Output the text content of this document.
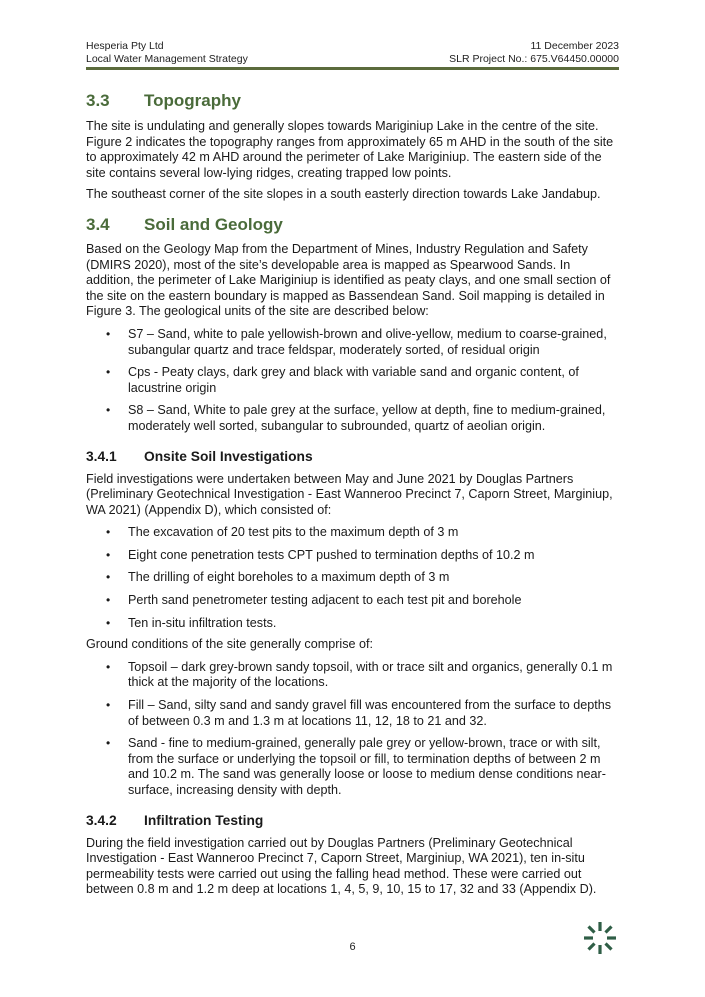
Hesperia Pty Ltd
Local Water Management Strategy
11 December 2023
SLR Project No.: 675.V64450.00000
3.3	Topography

The site is undulating and generally slopes towards Mariginiup Lake in the centre of the site. Figure 2 indicates the topography ranges from approximately 65 m AHD in the south of the site to approximately 42 m AHD around the perimeter of Lake Mariginiup. The eastern side of the site contains several low-lying ridges, creating trapped low points.

The southeast corner of the site slopes in a south easterly direction towards Lake Jandabup.

3.4	Soil and Geology

Based on the Geology Map from the Department of Mines, Industry Regulation and Safety (DMIRS 2020), most of the site’s developable area is mapped as Spearwood Sands. In addition, the perimeter of Lake Mariginiup is identified as peaty clays, and one small section of the site on the eastern boundary is mapped as Bassendean Sand. Soil mapping is detailed in Figure 3. The geological units of the site are described below:

• S7 – Sand, white to pale yellowish-brown and olive-yellow, medium to coarse-grained, subangular quartz and trace feldspar, moderately sorted, of residual origin
• Cps - Peaty clays, dark grey and black with variable sand and organic content, of lacustrine origin
• S8 – Sand, White to pale grey at the surface, yellow at depth, fine to medium-grained, moderately well sorted, subangular to subrounded, quartz of aeolian origin.
3.4.1	Onsite Soil Investigations

Field investigations were undertaken between May and June 2021 by Douglas Partners (Preliminary Geotechnical Investigation - East Wanneroo Precinct 7, Caporn Street, Marginiup, WA 2021) (Appendix D), which consisted of:

• The excavation of 20 test pits to the maximum depth of 3 m
• Eight cone penetration tests CPT pushed to termination depths of 10.2 m
• The drilling of eight boreholes to a maximum depth of 3 m
• Perth sand penetrometer testing adjacent to each test pit and borehole
• Ten in-situ infiltration tests.

Ground conditions of the site generally comprise of:

• Topsoil – dark grey-brown sandy topsoil, with or trace silt and organics, generally 0.1 m thick at the majority of the locations.
• Fill – Sand, silty sand and sandy gravel fill was encountered from the surface to depths of between 0.3 m and 1.3 m at locations 11, 12, 18 to 21 and 32.
• Sand - fine to medium-grained, generally pale grey or yellow-brown, trace or with silt, from the surface or underlying the topsoil or fill, to termination depths of between 2 m and 10.2 m. The sand was generally loose or loose to medium dense conditions near-surface, increasing density with depth.
3.4.2	Infiltration Testing

During the field investigation carried out by Douglas Partners (Preliminary Geotechnical Investigation - East Wanneroo Precinct 7, Caporn Street, Marginiup, WA 2021), ten in-situ permeability tests were carried out using the falling head method. These were carried out between 0.8 m and 1.2 m deep at locations 1, 4, 5, 9, 10, 15 to 17, 32 and 33 (Appendix D).

6
